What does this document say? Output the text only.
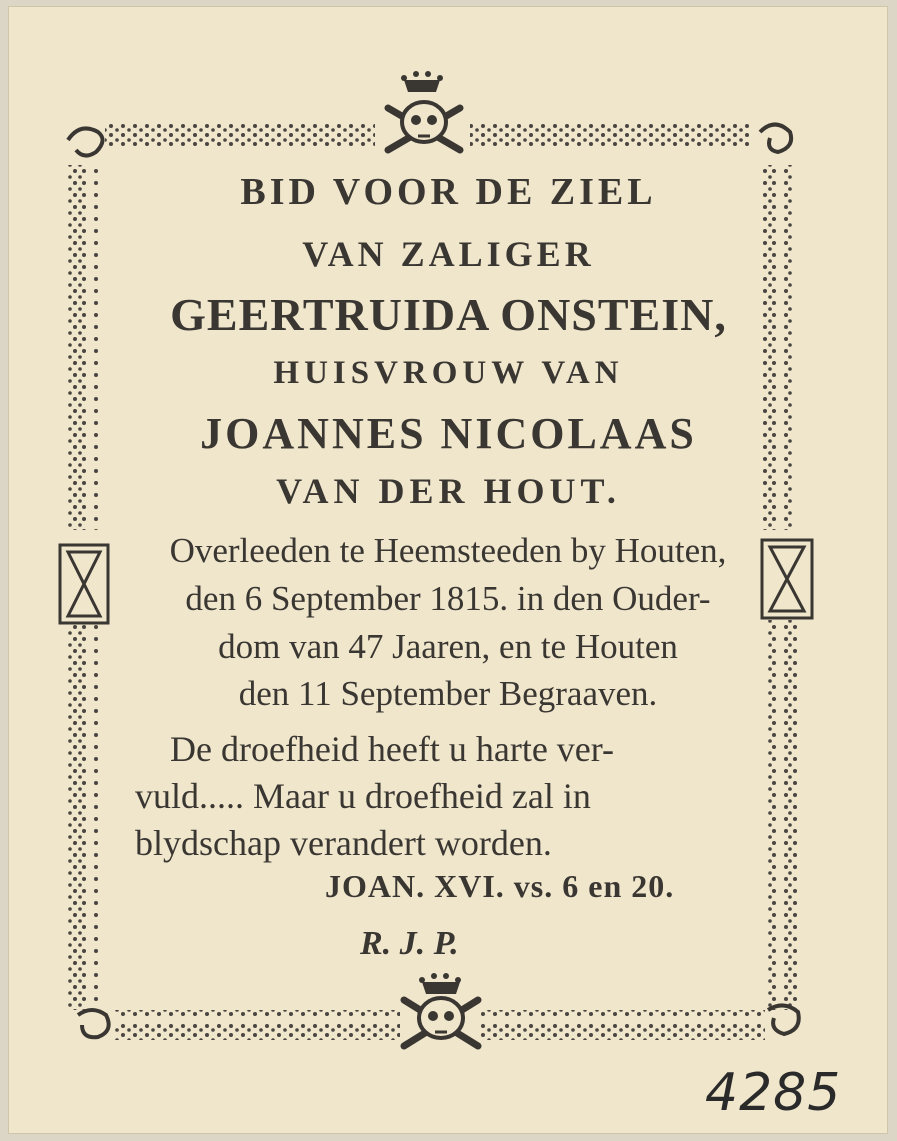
BID VOOR DE ZIEL

VAN ZALIGER

GEERTRUIDA ONSTEIN,

HUISVROUW VAN

JOANNES NICOLAAS

VAN DER HOUT.

Overleeden te Heemsteeden by Houten,

den 6 September 1815. in den Ouder-

dom van 47 Jaaren, en te Houten

den 11 September Begraaven.

De droefheid heeft u harte ver-

vuld..... Maar u droefheid zal in

blydschap verandert worden.

JOAN. XVI. vs. 6 en 20.

R. J. P.

4285
